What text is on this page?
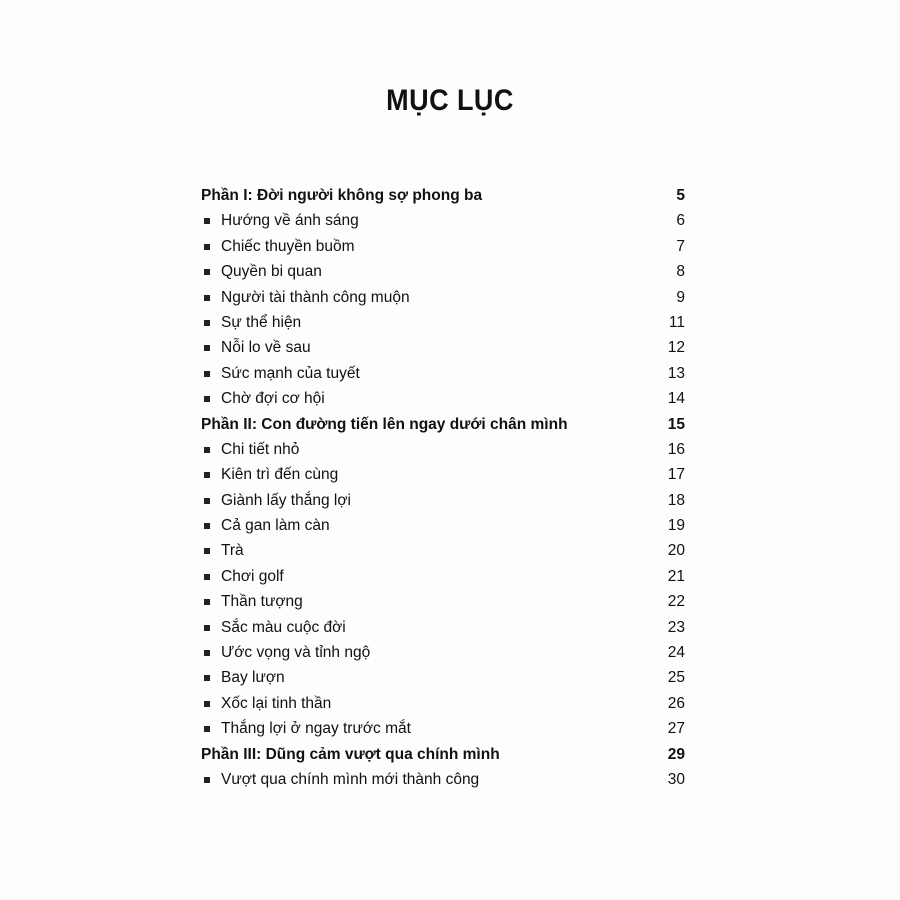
MỤC LỤC
Phần I: Đời người không sợ phong ba	5
Hướng về ánh sáng	6
Chiếc thuyền buồm	7
Quyền bi quan	8
Người tài thành công muộn	9
Sự thể hiện	11
Nỗi lo về sau	12
Sức mạnh của tuyết	13
Chờ đợi cơ hội	14
Phần II: Con đường tiến lên ngay dưới chân mình	15
Chi tiết nhỏ	16
Kiên trì đến cùng	17
Giành lấy thắng lợi	18
Cả gan làm càn	19
Trà	20
Chơi golf	21
Thần tượng	22
Sắc màu cuộc đời	23
Ước vọng và tỉnh ngộ	24
Bay lượn	25
Xốc lại tinh thần	26
Thắng lợi ở ngay trước mắt	27
Phần III: Dũng cảm vượt qua chính mình	29
Vượt qua chính mình mới thành công	30
